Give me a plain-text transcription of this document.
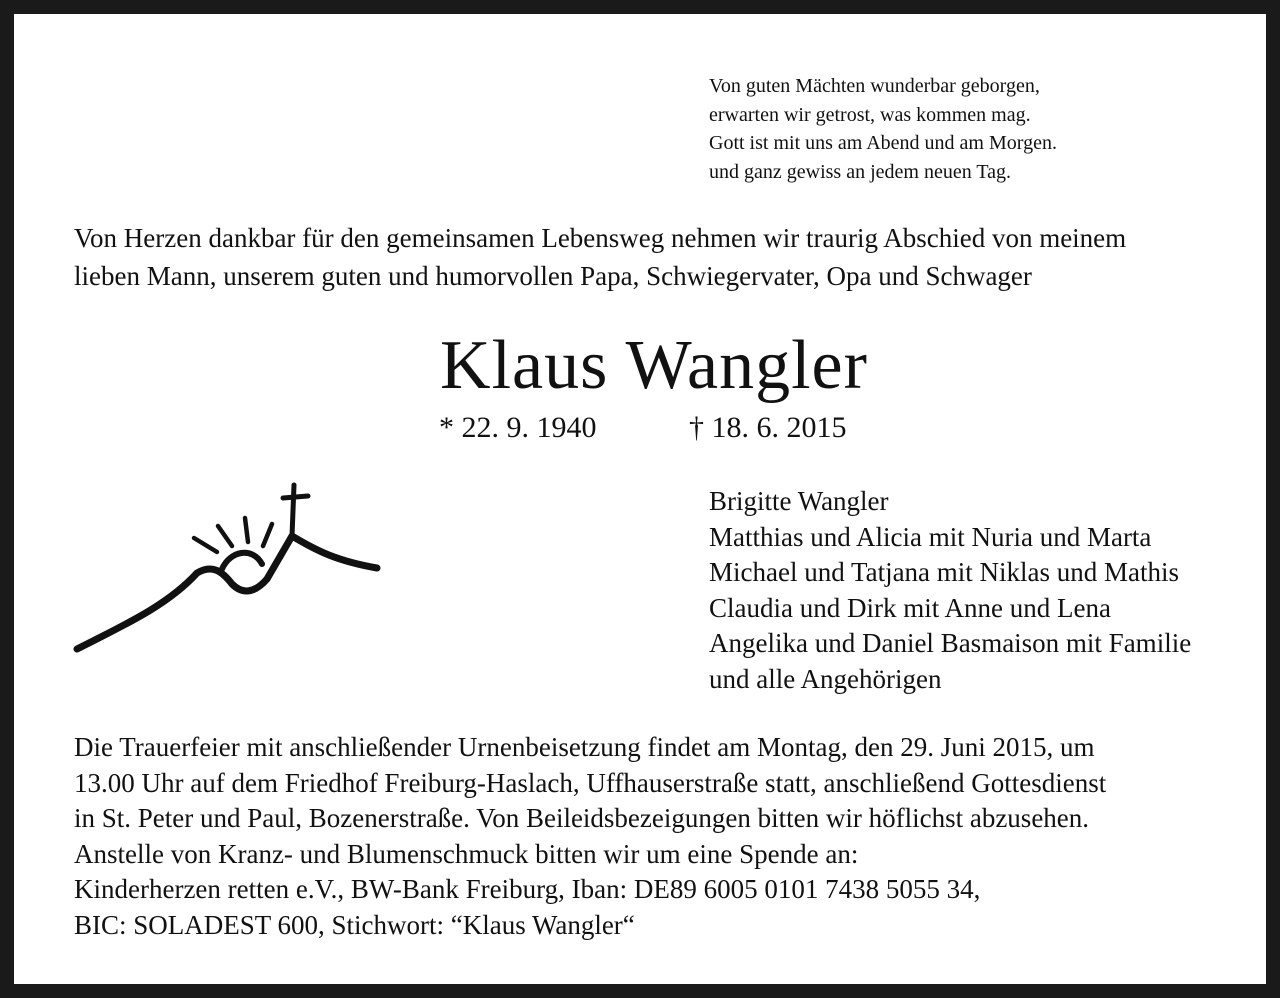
Von guten Mächten wunderbar geborgen,
erwarten wir getrost, was kommen mag.
Gott ist mit uns am Abend und am Morgen.
und ganz gewiss an jedem neuen Tag.
Von Herzen dankbar für den gemeinsamen Lebensweg nehmen wir traurig Abschied von meinem
lieben Mann, unserem guten und humorvollen Papa, Schwiegervater, Opa und Schwager
Klaus Wangler
* 22. 9. 1940	† 18. 6. 2015
Brigitte Wangler
Matthias und Alicia mit Nuria und Marta
Michael und Tatjana mit Niklas und Mathis
Claudia und Dirk mit Anne und Lena
Angelika und Daniel Basmaison mit Familie
und alle Angehörigen
Die Trauerfeier mit anschließender Urnenbeisetzung findet am Montag, den 29. Juni 2015, um
13.00 Uhr auf dem Friedhof Freiburg-Haslach, Uffhauserstraße statt, anschließend Gottesdienst
in St. Peter und Paul, Bozenerstraße. Von Beileidsbezeigungen bitten wir höflichst abzusehen.
Anstelle von Kranz- und Blumenschmuck bitten wir um eine Spende an:
Kinderherzen retten e.V., BW-Bank Freiburg, Iban: DE89 6005 0101 7438 5055 34,
BIC: SOLADEST 600, Stichwort: “Klaus Wangler“
